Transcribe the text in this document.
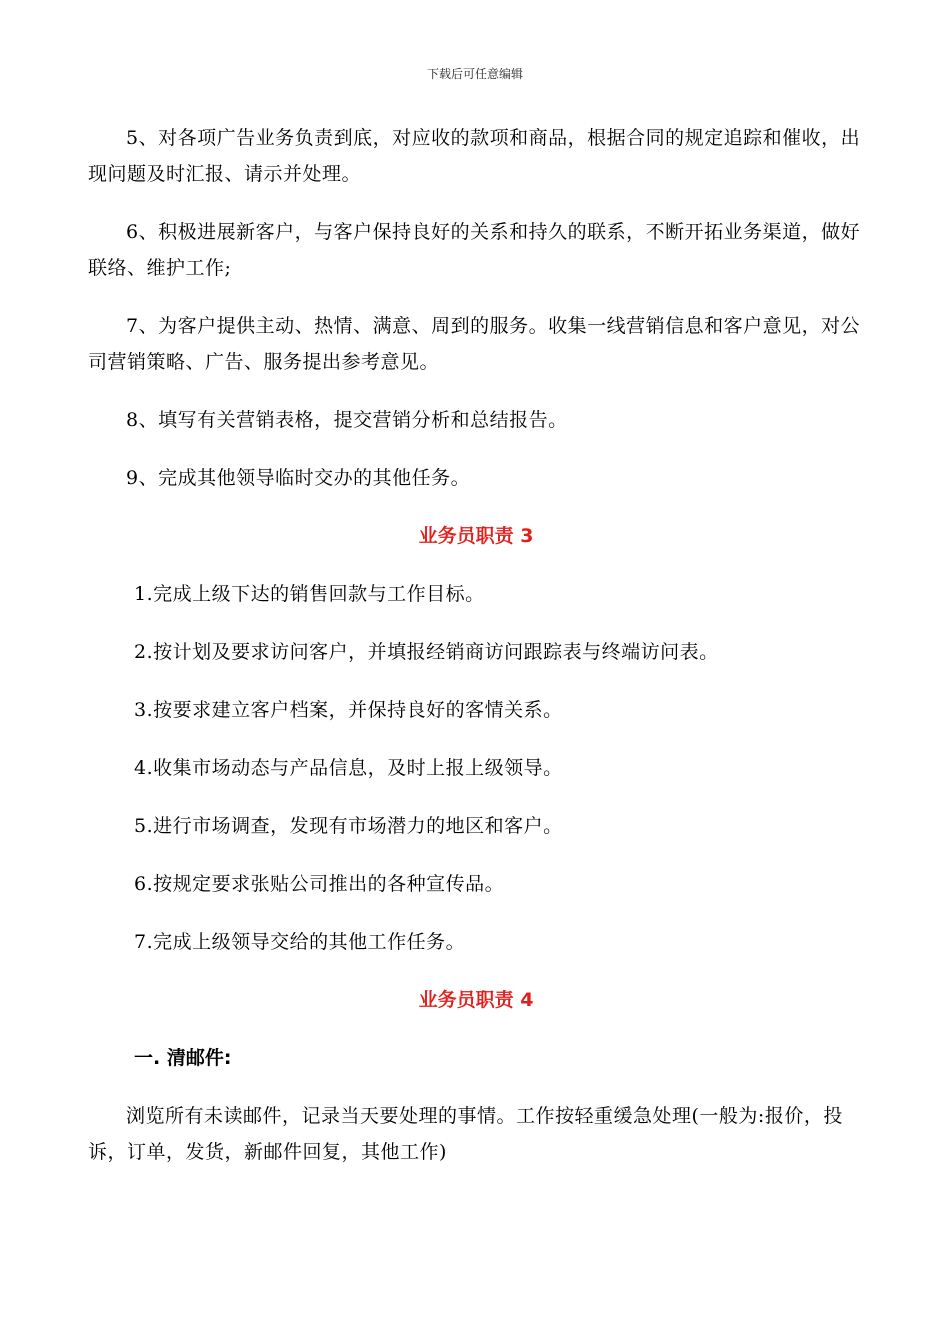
下载后可任意编辑

5、对各项广告业务负责到底，对应收的款项和商品，根据合同的规定追踪和催收，出现问题及时汇报、请示并处理。

6、积极进展新客户，与客户保持良好的关系和持久的联系，不断开拓业务渠道，做好联络、维护工作;

7、为客户提供主动、热情、满意、周到的服务。收集一线营销信息和客户意见，对公司营销策略、广告、服务提出参考意见。

8、填写有关营销表格，提交营销分析和总结报告。

9、完成其他领导临时交办的其他任务。

业务员职责 3
1.完成上级下达的销售回款与工作目标。
2.按计划及要求访问客户，并填报经销商访问跟踪表与终端访问表。
3.按要求建立客户档案，并保持良好的客情关系。
4.收集市场动态与产品信息，及时上报上级领导。
5.进行市场调查，发现有市场潜力的地区和客户。
6.按规定要求张贴公司推出的各种宣传品。
7.完成上级领导交给的其他工作任务。
业务员职责 4
一. 清邮件:

浏览所有未读邮件，记录当天要处理的事情。工作按轻重缓急处理(一般为:报价，投诉，订单，发货，新邮件回复，其他工作)
